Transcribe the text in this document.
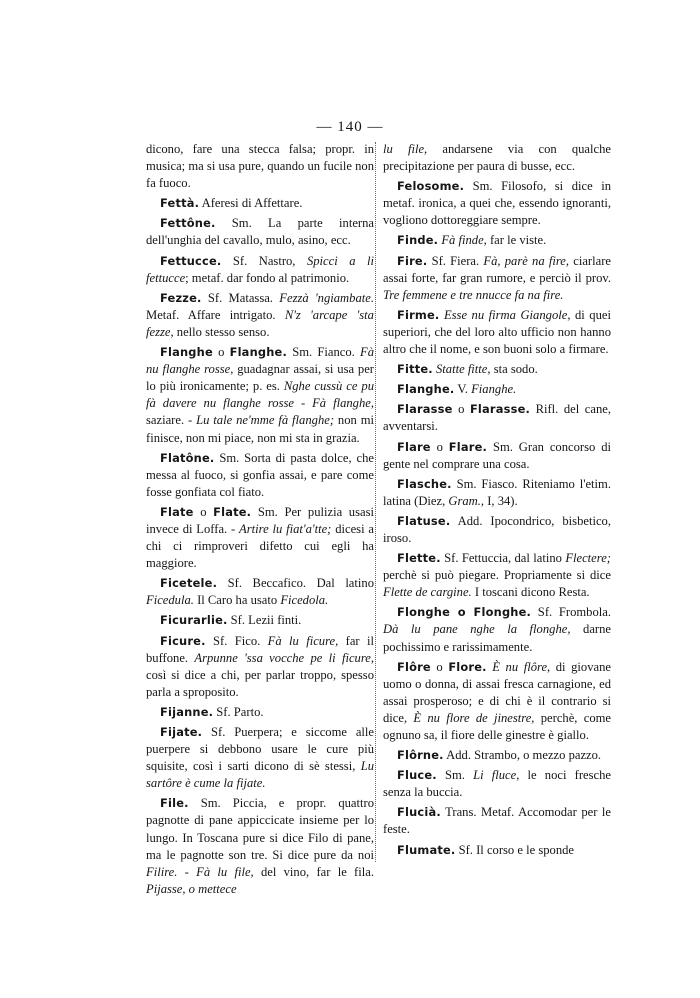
— 140 —

dicono, fare una stecca falsa; propr. in musica; ma si usa pure, quando un fucile non fa fuoco.

Fettà. Aferesi di Affettare.

Fettône. Sm. La parte interna dell'unghia del cavallo, mulo, asino, ecc.

Fettucce. Sf. Nastro, Spicci a li fettucce; metaf. dar fondo al patrimonio.

Fezze. Sf. Matassa. Fezzà 'ngiambate. Metaf. Affare intrigato. N'z 'arcape 'sta fezze, nello stesso senso.

Flanghe o Flanghe. Sm. Fianco. Fà nu flanghe rosse, guadagnar assai, si usa per lo più ironicamente; p. es. Nghe cussù ce pu fà davere nu flanghe rosse - Fà flanghe, saziare. - Lu tale ne'mme fà flanghe; non mi finisce, non mi piace, non mi sta in grazia.

Flatône. Sm. Sorta di pasta dolce, che messa al fuoco, si gonfia assai, e pare come fosse gonfiata col fiato.

Flate o Flate. Sm. Per pulizia usasi invece di Loffa. - Artire lu fiat'a'tte; dicesi a chi ci rimproveri difetto cui egli ha maggiore.

Ficetele. Sf. Beccafico. Dal latino Ficedula. Il Caro ha usato Ficedola.

Ficurarlie. Sf. Lezii finti.

Ficure. Sf. Fico. Fà lu ficure, far il buffone. Arpunne 'ssa vocche pe li ficure, così si dice a chi, per parlar troppo, spesso parla a sproposito.

Fijanne. Sf. Parto.

Fijate. Sf. Puerpera; e siccome alle puerpere si debbono usare le cure più squisite, così i sarti dicono di sè stessi, Lu sartôre è cume la fijate.

File. Sm. Piccia, e propr. quattro pagnotte di pane appiccicate insieme per lo lungo. In Toscana pure si dice Filo di pane, ma le pagnotte son tre. Si dice pure da noi Filire. - Fà lu file, del vino, far le fila. Pijasse, o mettece

lu file, andarsene via con qualche precipitazione per paura di busse, ecc.

Felosome. Sm. Filosofo, si dice in metaf. ironica, a quei che, essendo ignoranti, vogliono dottoreggiare sempre.

Finde. Fà finde, far le viste.

Fire. Sf. Fiera. Fà, parè na fire, ciarlare assai forte, far gran rumore, e perciò il prov. Tre femmene e tre nnucce fa na fire.

Firme. Esse nu firma Giangole, di quei superiori, che del loro alto ufficio non hanno altro che il nome, e son buoni solo a firmare.

Fitte. Statte fitte, sta sodo.

Flanghe. V. Fianghe.

Flarasse o Flarasse. Rifl. del cane, avventarsi.

Flare o Flare. Sm. Gran concorso di gente nel comprare una cosa.

Flasche. Sm. Fiasco. Riteniamo l'etim. latina (Diez, Gram., I, 34).

Flatuse. Add. Ipocondrico, bisbetico, iroso.

Flette. Sf. Fettuccia, dal latino Flectere; perchè si può piegare. Propriamente si dice Flette de cargine. I toscani dicono Resta.

Flonghe o Flonghe. Sf. Frombola. Dà lu pane nghe la flonghe, darne pochissimo e rarissimamente.

Flôre o Flore. È nu flôre, di giovane uomo o donna, di assai fresca carnagione, ed assai prosperoso; e di chi è il contrario si dice, È nu flore de jinestre, perchè, come ognuno sa, il fiore delle ginestre è giallo.

Flôrne. Add. Strambo, o mezzo pazzo.

Fluce. Sm. Li fluce, le noci fresche senza la buccia.

Flucià. Trans. Metaf. Accomodar per le feste.

Flumate. Sf. Il corso e le sponde
